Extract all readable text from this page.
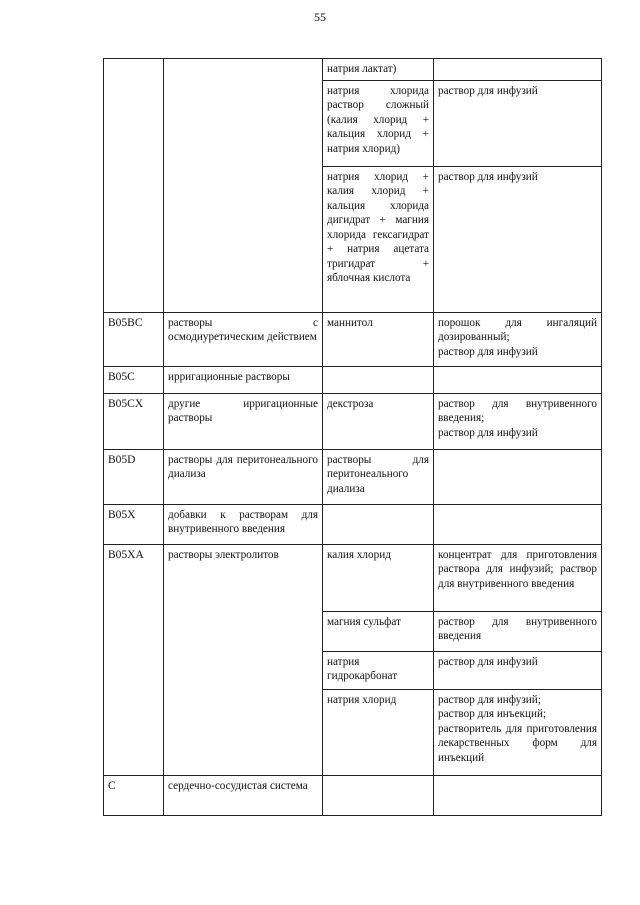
55
		натрия лактат)	
		натрия хлорида раствор сложный (калия хлорид + кальция хлорид + натрия хлорид)	раствор для инфузий
		натрия хлорид + калия хлорид + кальция хлорида дигидрат + магния хлорида гексагидрат + натрия ацетата тригидрат + яблочная кислота	раствор для инфузий
B05BC	растворы с осмодиуретическим действием	маннитол	порошок для ингаляций дозированный;
раствор для инфузий

B05C	ирригационные растворы		
B05CX	другие ирригационные растворы	декстроза	раствор для внутривенного введения;
раствор для инфузий

B05D	растворы для перитонеального диализа	растворы для перитонеального диализа	
B05X	добавки к растворам для внутривенного введения		
B05XA	растворы электролитов	калия хлорид	концентрат для приготовления раствора для инфузий; раствор для внутривенного введения

		магния сульфат	раствор для внутривенного введения
		натрия гидрокарбонат	раствор для инфузий
		натрия хлорид	раствор для инфузий;
раствор для инъекций;
растворитель для приготовления лекарственных форм для инъекций

C	сердечно-сосудистая система		
